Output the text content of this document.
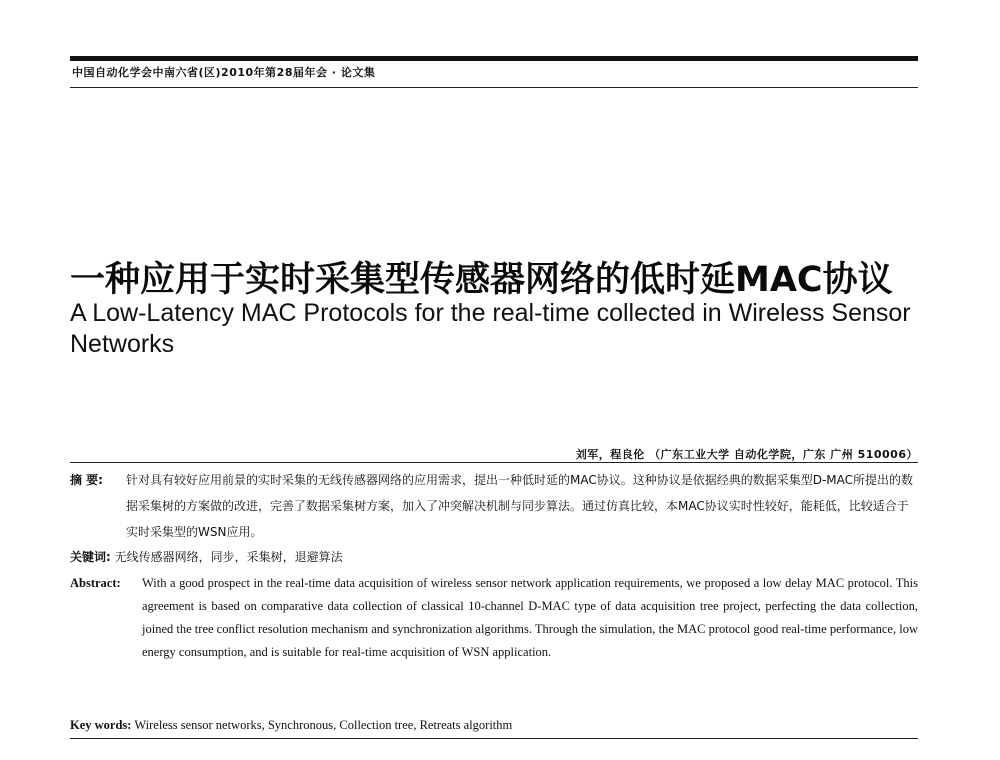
中国自动化学会中南六省(区)2010年第28届年会 · 论文集
一种应用于实时采集型传感器网络的低时延MAC协议
A Low-Latency MAC Protocols for the real-time collected in Wireless Sensor Networks
刘军，程良伦 （广东工业大学 自动化学院，广东 广州 510006）
摘 要:	针对具有较好应用前景的实时采集的无线传感器网络的应用需求，提出一种低时延的MAC协议。这种协议是依据经典的数据采集型D-MAC所提出的数据采集树的方案做的改进，完善了数据采集树方案，加入了冲突解决机制与同步算法。通过仿真比较，本MAC协议实时性较好，能耗低，比较适合于实时采集型的WSN应用。
关键词: 无线传感器网络，同步，采集树，退避算法
Abstract: With a good prospect in the real-time data acquisition of wireless sensor network application requirements, we proposed a low delay MAC protocol. This agreement is based on comparative data collection of classical 10-channel D-MAC type of data acquisition tree project, perfecting the data collection, joined the tree conflict resolution mechanism and synchronization algorithms. Through the simulation, the MAC protocol good real-time performance, low energy consumption, and is suitable for real-time acquisition of WSN application.
Key words: Wireless sensor networks, Synchronous, Collection tree, Retreats algorithm
